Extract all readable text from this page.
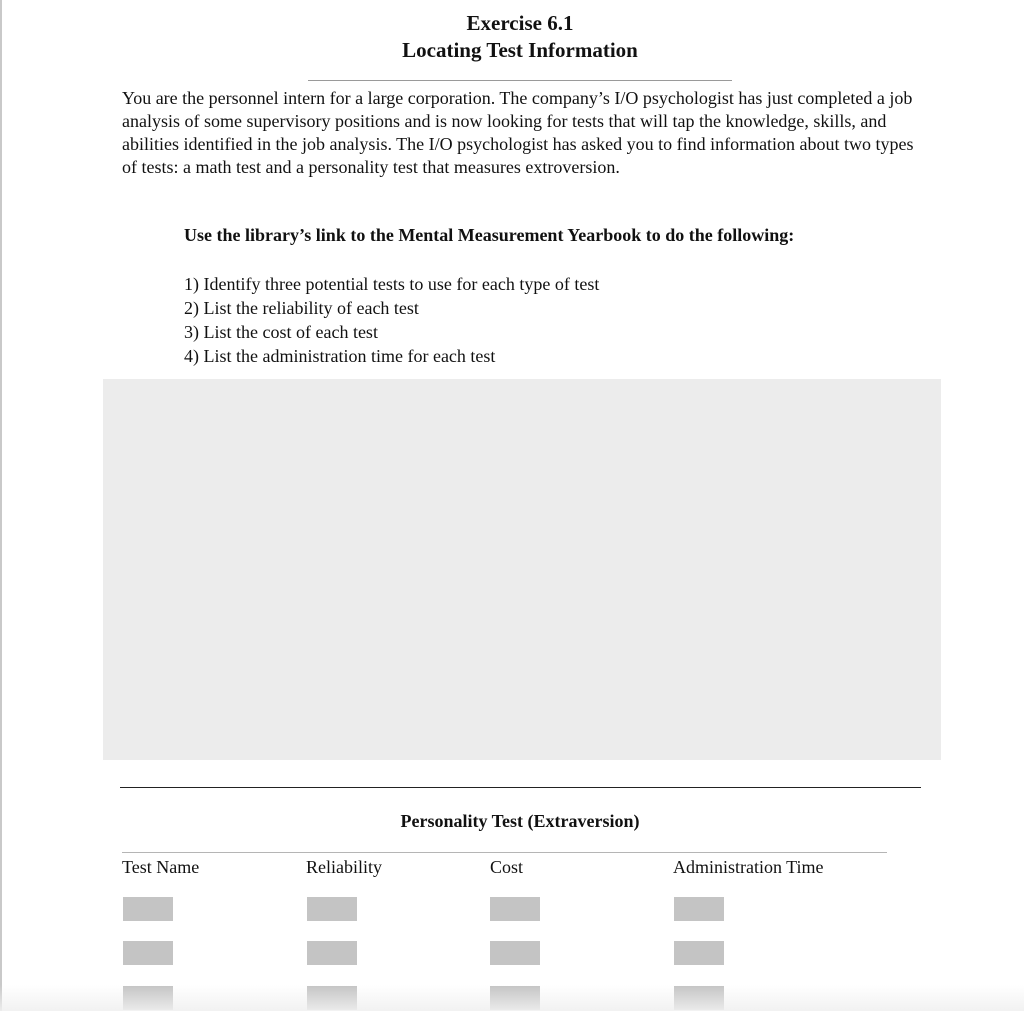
Exercise 6.1
Locating Test Information

You are the personnel intern for a large corporation. The company’s I/O psychologist has just completed a job analysis of some supervisory positions and is now looking for tests that will tap the knowledge, skills, and abilities identified in the job analysis. The I/O psychologist has asked you to find information about two types of tests: a math test and a personality test that measures extroversion.

Use the library’s link to the Mental Measurement Yearbook to do the following:
1) Identify three potential tests to use for each type of test
2) List the reliability of each test
3) List the cost of each test
4) List the administration time for each test
Personality Test (Extraversion)
Test Name	Reliability	Cost	Administration Time
